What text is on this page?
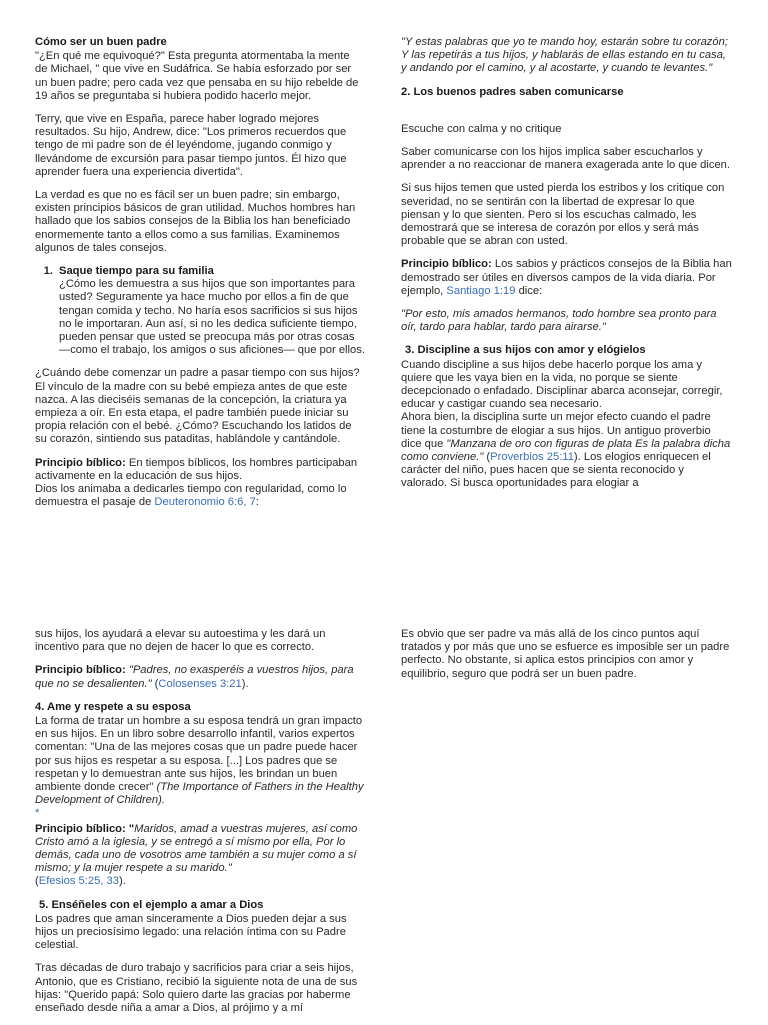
Cómo ser un buen padre

"¿En qué me equivoqué?" Esta pregunta atormentaba la mente de Michael, " que vive en Sudáfrica. Se había esforzado por ser un buen padre; pero cada vez que pensaba en su hijo rebelde de 19 años se preguntaba si hubiera podido hacerlo mejor.

Terry, que vive en España, parece haber logrado mejores resultados. Su hijo, Andrew, dice: "Los primeros recuerdos que tengo de mi padre son de él leyéndome, jugando conmigo y llevándome de excursión para pasar tiempo juntos. Él hizo que aprender fuera una experiencia divertida".

La verdad es que no es fácil ser un buen padre; sin embargo, existen principios básicos de gran utilidad. Muchos hombres han hallado que los sabios consejos de la Biblia los han beneficiado enormemente tanto a ellos como a sus familias. Examinemos algunos de tales consejos.

1. Saque tiempo para su familia
¿Cómo les demuestra a sus hijos que son importantes para usted? Seguramente ya hace mucho por ellos a fin de que tengan comida y techo. No haría esos sacrificios si sus hijos no le importaran. Aun así, si no les dedica suficiente tiempo, pueden pensar que usted se preocupa más por otras cosas —como el trabajo, los amigos o sus aficiones— que por ellos.

¿Cuándo debe comenzar un padre a pasar tiempo con sus hijos? El vínculo de la madre con su bebé empieza antes de que este nazca. A las dieciséis semanas de la concepción, la criatura ya empieza a oír. En esta etapa, el padre también puede iniciar su propia relación con el bebé. ¿Cómo? Escuchando los latidos de su corazón, sintiendo sus pataditas, hablándole y cantándole.

Principio bíblico: En tiempos bíblicos, los hombres participaban activamente en la educación de sus hijos.
Dios los animaba a dedicarles tiempo con regularidad, como lo demuestra el pasaje de Deuteronomio 6:6, 7:

"Y estas palabras que yo te mando hoy, estarán sobre tu corazón;
Y las repetirás a tus hijos, y hablarás de ellas estando en tu casa, y andando por el camino, y al acostarte, y cuando te levantes."

2. Los buenos padres saben comunicarse

Escuche con calma y no critique

Saber comunicarse con los hijos implica saber escucharlos y aprender a no reaccionar de manera exagerada ante lo que dicen.

Si sus hijos temen que usted pierda los estribos y los critique con severidad, no se sentirán con la libertad de expresar lo que piensan y lo que sienten. Pero si los escuchas calmado, les demostrará que se interesa de corazón por ellos y será más probable que se abran con usted.

Principio bíblico: Los sabios y prácticos consejos de la Biblia han demostrado ser útiles en diversos campos de la vida diaria. Por ejemplo, Santiago 1:19 dice:

"Por esto, mis amados hermanos, todo hombre sea pronto para oír, tardo para hablar, tardo para airarse."

3. Discipline a sus hijos con amor y elógielos
Cuando discipline a sus hijos debe hacerlo porque los ama y quiere que les vaya bien en la vida, no porque se siente decepcionado o enfadado. Disciplinar abarca aconsejar, corregir, educar y castigar cuando sea necesario.
Ahora bien, la disciplina surte un mejor efecto cuando el padre tiene la costumbre de elogiar a sus hijos. Un antiguo proverbio dice que "Manzana de oro con figuras de plata Es la palabra dicha como conviene." (Proverbios 25:11). Los elogios enriquecen el carácter del niño, pues hacen que se sienta reconocido y valorado. Si busca oportunidades para elogiar a

sus hijos, los ayudará a elevar su autoestima y les dará un incentivo para que no dejen de hacer lo que es correcto.

Principio bíblico: "Padres, no exasperéis a vuestros hijos, para que no se desalienten." (Colosenses 3:21).

4. Ame y respete a su esposa
La forma de tratar un hombre a su esposa tendrá un gran impacto en sus hijos. En un libro sobre desarrollo infantil, varios expertos comentan: "Una de las mejores cosas que un padre puede hacer por sus hijos es respetar a su esposa. [...] Los padres que se respetan y lo demuestran ante sus hijos, les brindan un buen ambiente donde crecer" (The Importance of Fathers in the Healthy Development of Children).
*

Principio bíblico: "Maridos, amad a vuestras mujeres, así como Cristo amó a la iglesia, y se entregó a sí mismo por ella, Por lo demás, cada uno de vosotros ame también a su mujer como a sí mismo; y la mujer respete a su marido."
(Efesios 5:25, 33).

5. Enséñeles con el ejemplo a amar a Dios

Los padres que aman sinceramente a Dios pueden dejar a sus hijos un preciosísimo legado: una relación íntima con su Padre celestial.

Tras décadas de duro trabajo y sacrificios para criar a seis hijos, Antonio, que es Cristiano, recibió la siguiente nota de una de sus hijas: "Querido papá: Solo quiero darte las gracias por haberme enseñado desde niña a amar a Dios, al prójimo y a mí

Es obvio que ser padre va más allá de los cinco puntos aquí tratados y por más que uno se esfuerce es imposible ser un padre perfecto. No obstante, si aplica estos principios con amor y equilibrio, seguro que podrá ser un buen padre.
